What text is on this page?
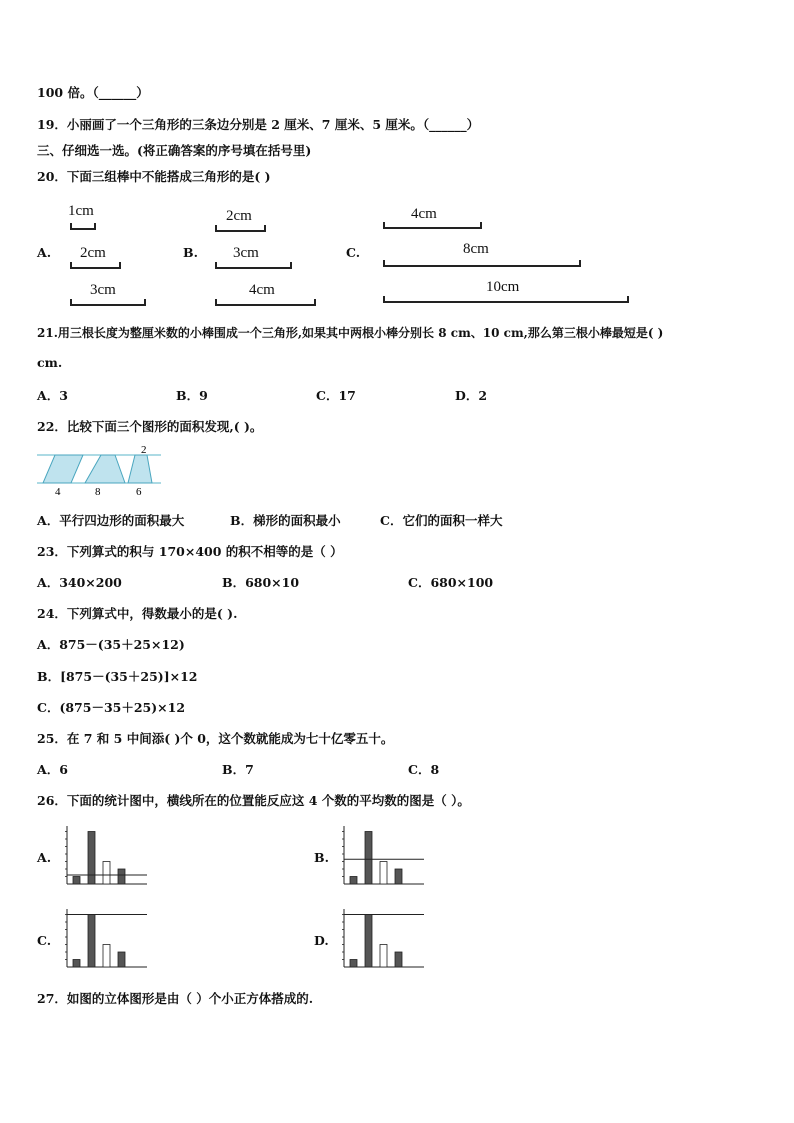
100 倍。（______）
19．小丽画了一个三角形的三条边分别是 2 厘米、7 厘米、5 厘米。（______）
三、仔细选一选。(将正确答案的序号填在括号里)
20．下面三组棒中不能搭成三角形的是( )
A.	B.	C.
1cm
2cm
3cm
2cm
3cm
4cm
4cm
8cm
10cm
21.用三根长度为整厘米数的小棒围成一个三角形,如果其中两根小棒分别长 8 cm、10 cm,那么第三根小棒最短是( )
cm.
A．3	B．9	C．17	D．2
22．比较下面三个图形的面积发现,( )。
2
4	8	6
A．平行四边形的面积最大	B．梯形的面积最小	C．它们的面积一样大
23．下列算式的积与 170×400 的积不相等的是（ ）
A．340×200	B．680×10	C．680×100
24．下列算式中，得数最小的是( ).
A．875－(35＋25×12)
B．[875－(35＋25)]×12
C．(875－35＋25)×12
25．在 7 和 5 中间添( )个 0，这个数就能成为七十亿零五十。
A．6	B．7	C．8
26．下面的统计图中，横线所在的位置能反应这 4 个数的平均数的图是（ ）。
A.	B.
C.	D.
27．如图的立体图形是由（ ）个小正方体搭成的.
